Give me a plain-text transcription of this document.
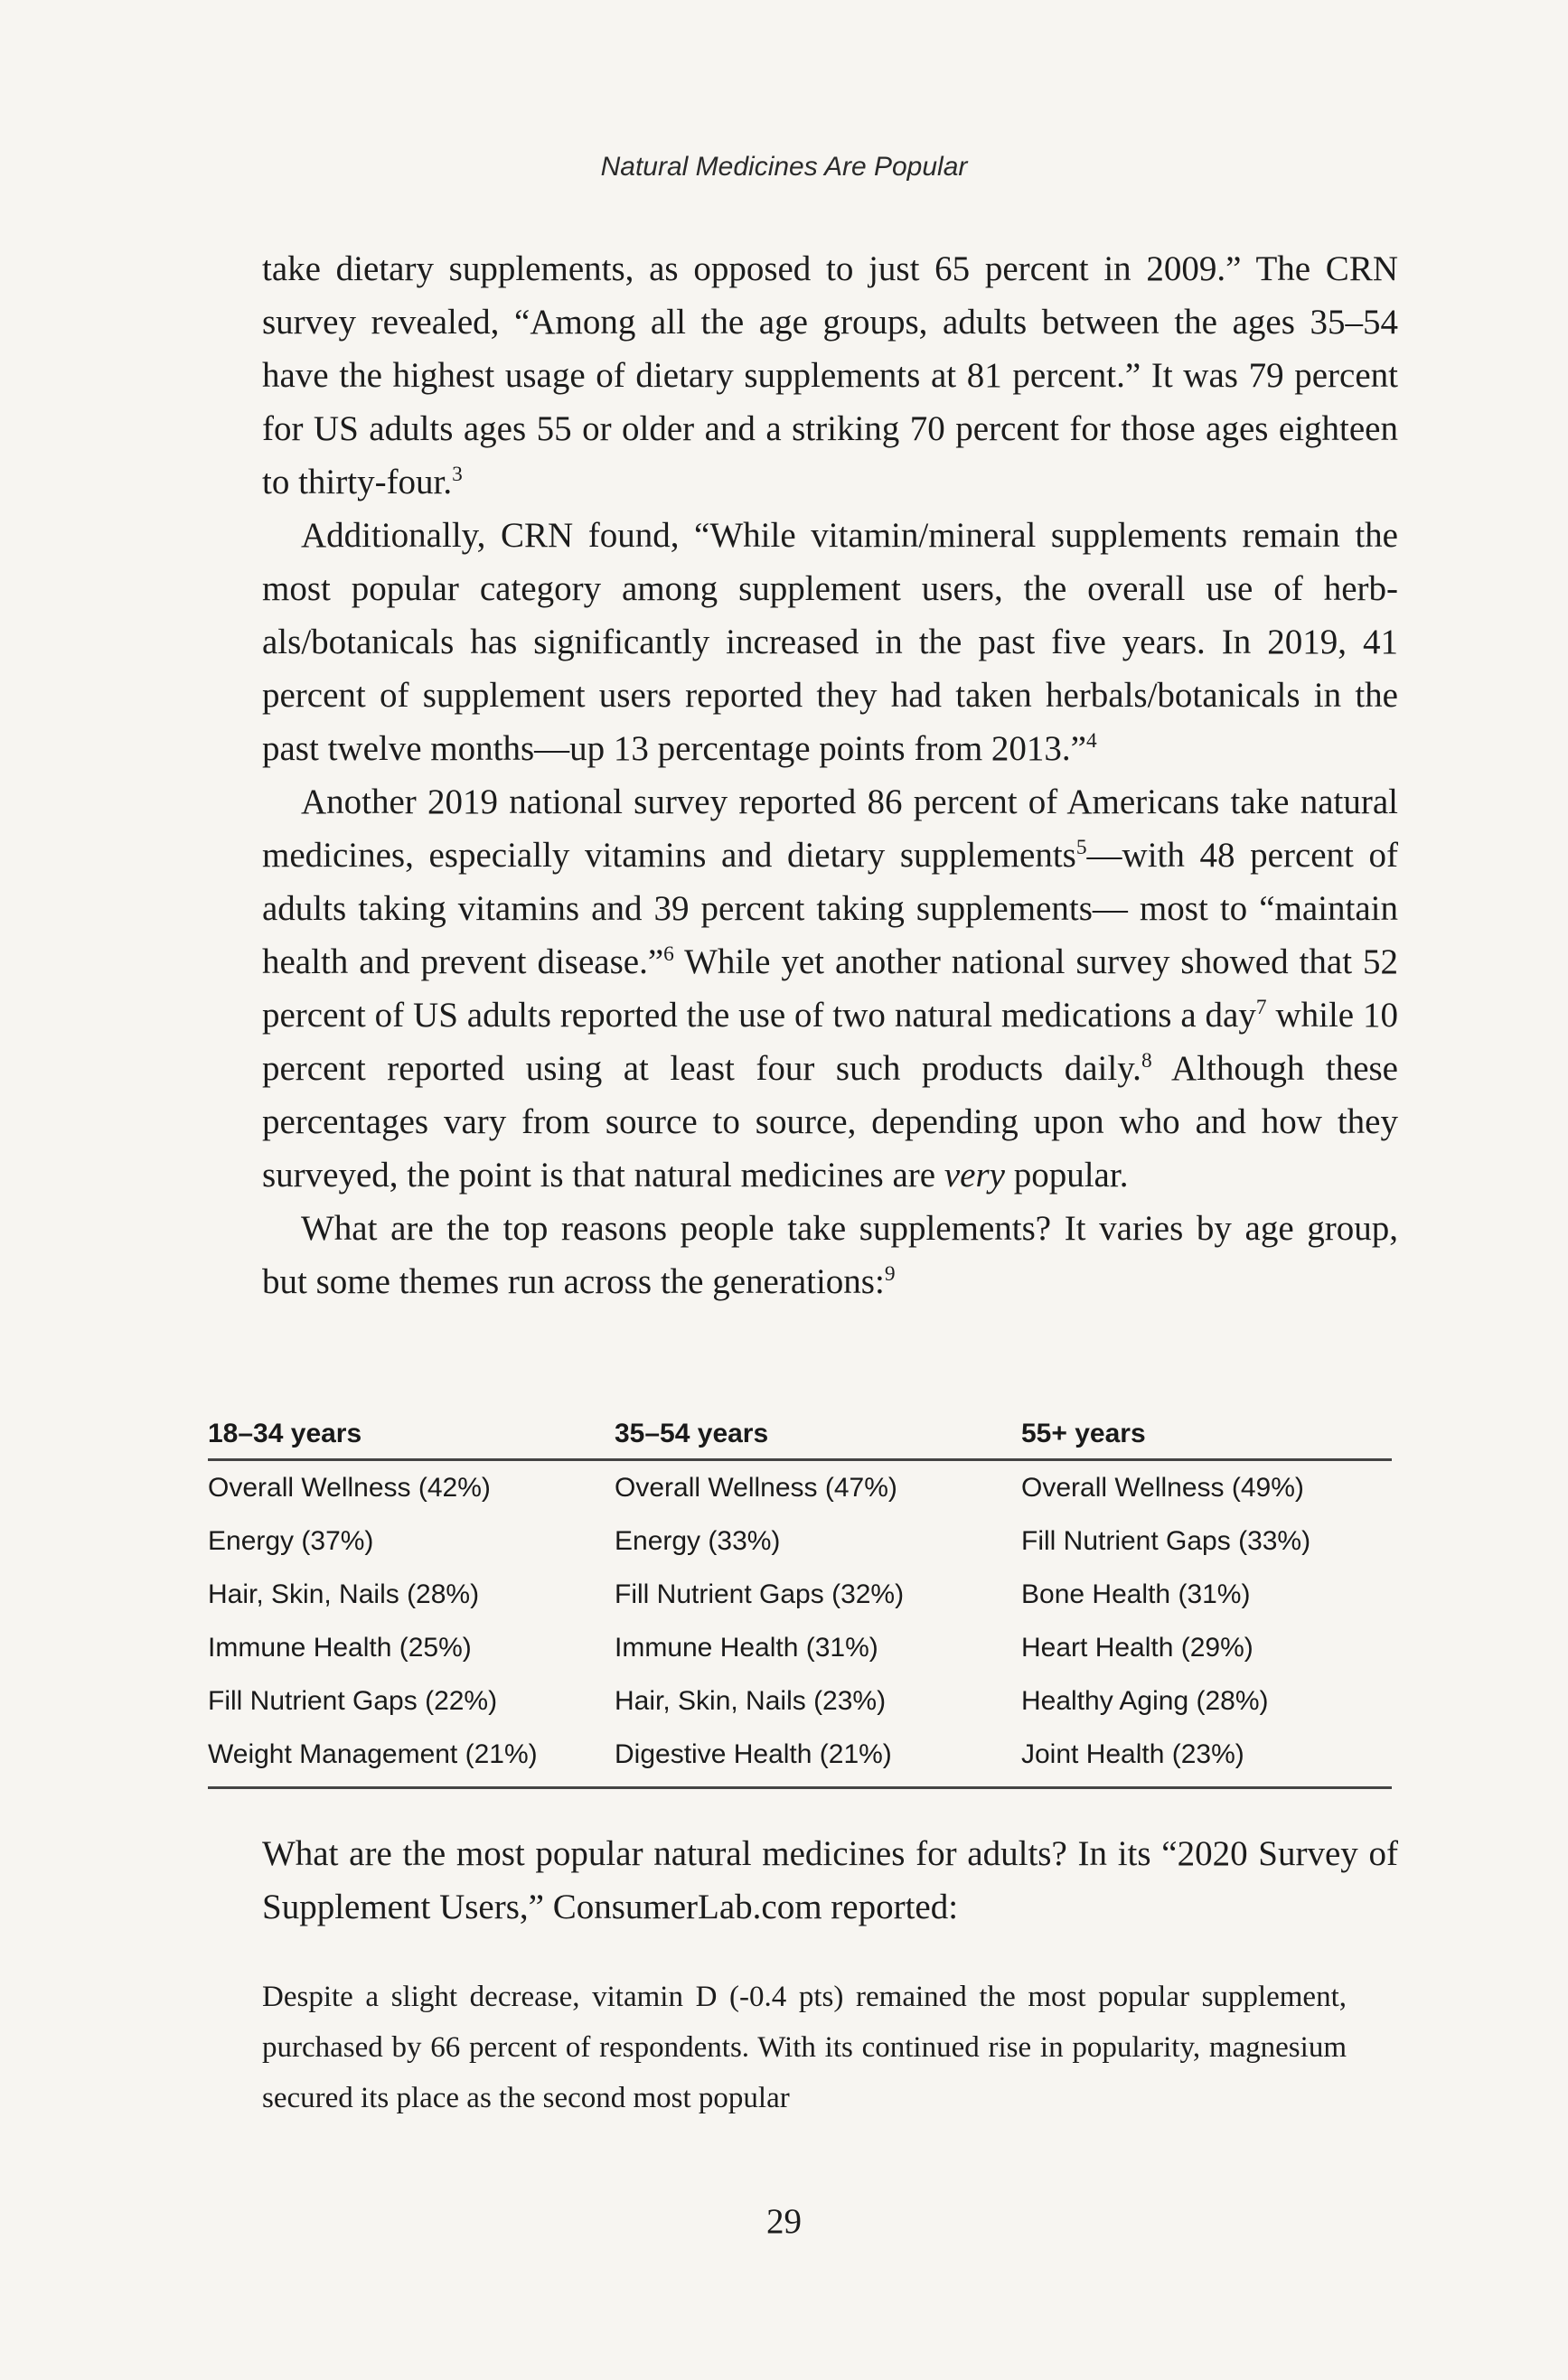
Natural Medicines Are Popular

take dietary supplements, as opposed to just 65 percent in 2009.” The CRN survey revealed, “Among all the age groups, adults between the ages 35–54 have the highest usage of dietary supplements at 81 percent.” It was 79 percent for US adults ages 55 or older and a striking 70 percent for those ages eighteen to thirty-four.$^3$

Additionally, CRN found, “While vitamin/mineral supplements remain the most popular category among supplement users, the overall use of herbals/botanicals has significantly increased in the past five years. In 2019, 41 percent of supplement users reported they had taken herbals/botanicals in the past twelve months—up 13 percentage points from 2013.”$^4$

Another 2019 national survey reported 86 percent of Americans take natural medicines, especially vitamins and dietary supplements$^5$—with 48 percent of adults taking vitamins and 39 percent taking supplements— most to “maintain health and prevent disease.”$^6$ While yet another national survey showed that 52 percent of US adults reported the use of two natural medications a day$^7$ while 10 percent reported using at least four such products daily.$^8$ Although these percentages vary from source to source, depending upon who and how they surveyed, the point is that natural medicines are very popular.

What are the top reasons people take supplements? It varies by age group, but some themes run across the generations:$^9$

18–34 years	35–54 years	55+ years
Overall Wellness (42%)	Overall Wellness (47%)	Overall Wellness (49%)
Energy (37%)	Energy (33%)	Fill Nutrient Gaps (33%)
Hair, Skin, Nails (28%)	Fill Nutrient Gaps (32%)	Bone Health (31%)
Immune Health (25%)	Immune Health (31%)	Heart Health (29%)
Fill Nutrient Gaps (22%)	Hair, Skin, Nails (23%)	Healthy Aging (28%)
Weight Management (21%)	Digestive Health (21%)	Joint Health (23%)

What are the most popular natural medicines for adults? In its “2020 Survey of Supplement Users,” ConsumerLab.com reported:

Despite a slight decrease, vitamin D (-0.4 pts) remained the most popular supplement, purchased by 66 percent of respondents. With its continued rise in popularity, magnesium secured its place as the second most popular

29
